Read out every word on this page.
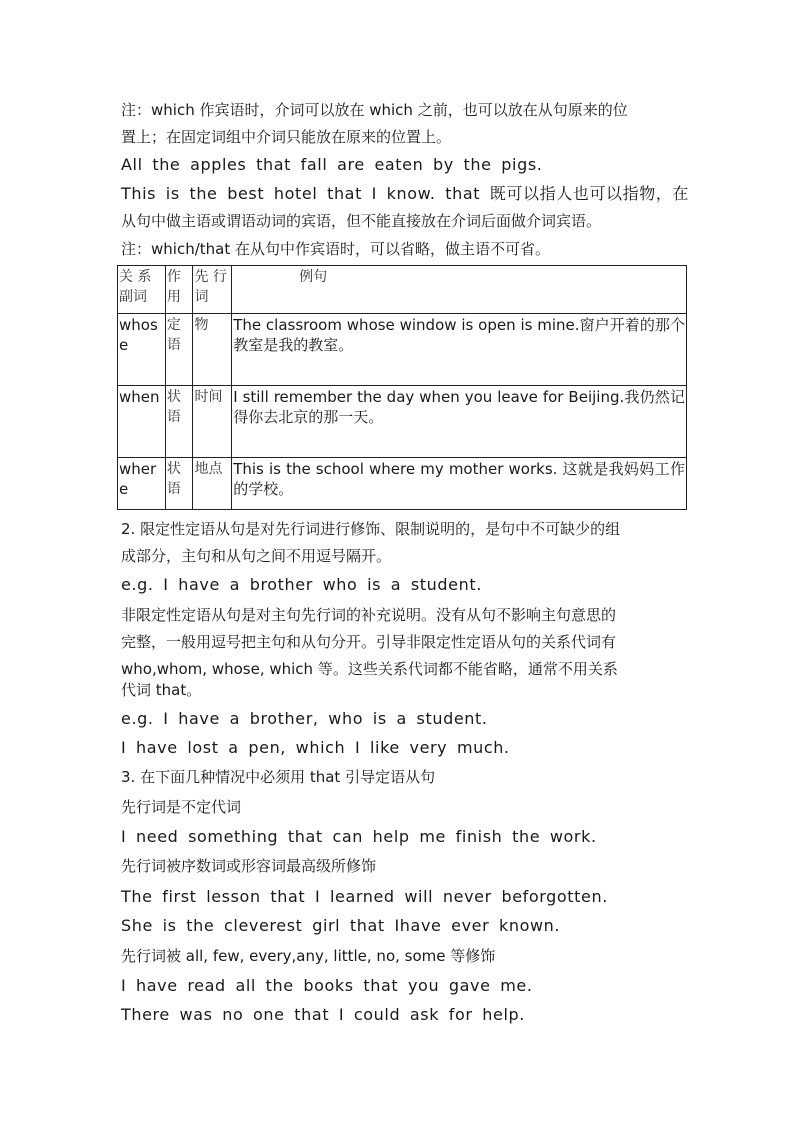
注：which 作宾语时，介词可以放在 which 之前，也可以放在从句原来的位
置上；在固定词组中介词只能放在原来的位置上。
All the apples that fall are eaten by the pigs.
This is the best hotel that I know. that 既可以指人也可以指物，在
从句中做主语或谓语动词的宾语，但不能直接放在介词后面做介词宾语。
注：which/that 在从句中作宾语时，可以省略，做主语不可省。
关 系副词	作用	先 行词	例句
whose	定语	物	The classroom whose window is open is mine.窗户开着的那个教室是我的教室。
when	状语	时间	I still remember the day when you leave for Beijing.我仍然记得你去北京的那一天。
where	状语	地点	This is the school where my mother works. 这就是我妈妈工作的学校。
2. 限定性定语从句是对先行词进行修饰、限制说明的，是句中不可缺少的组
成部分，主句和从句之间不用逗号隔开。
e.g. I have a brother who is a student.
非限定性定语从句是对主句先行词的补充说明。没有从句不影响主句意思的
完整，一般用逗号把主句和从句分开。引导非限定性定语从句的关系代词有
who,whom, whose, which 等。这些关系代词都不能省略，通常不用关系
代词 that。
e.g. I have a brother, who is a student.
I have lost a pen, which I like very much.
3. 在下面几种情况中必须用 that 引导定语从句
先行词是不定代词
I need something that can help me finish the work.
先行词被序数词或形容词最高级所修饰
The first lesson that I learned will never beforgotten.
She is the cleverest girl that Ihave ever known.
先行词被 all, few, every,any, little, no, some 等修饰
I have read all the books that you gave me.
There was no one that I could ask for help.
